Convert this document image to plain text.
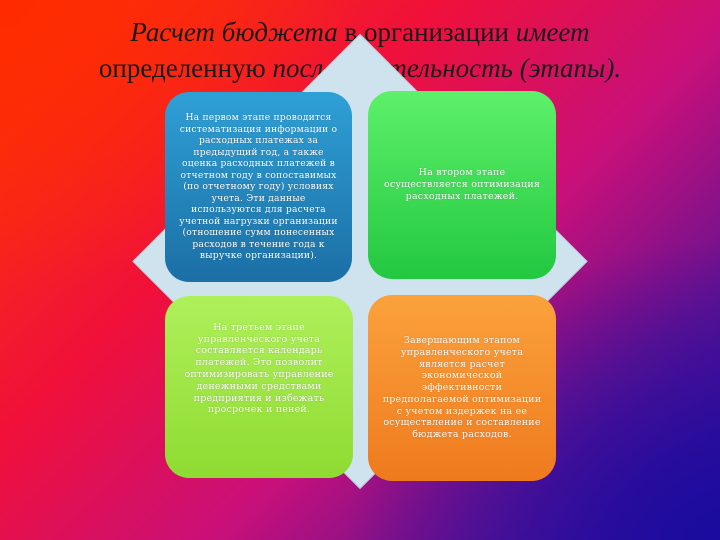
Расчет бюджета в организации имеет
определенную последовательность (этапы).
На первом этапе проводится систематизация информации о расходных платежах за предыдущий год, а также оценка расходных платежей в отчетном году в сопоставимых (по отчетному году) условиях учета. Эти данные используются для расчета учетной нагрузки организации (отношение сумм понесенных расходов в течение года к выручке организации).
На втором этапе осуществляется оптимизация расходных платежей.
На третьем этапе управленческого учета составляется календарь платежей. Это позволит оптимизировать управление денежными средствами предприятия и избежать просрочек и пеней.
Завершающим этапом управленческого учета является расчет экономической эффективности предполагаемой оптимизации с учетом издержек на ее осуществление и составление бюджета расходов.
